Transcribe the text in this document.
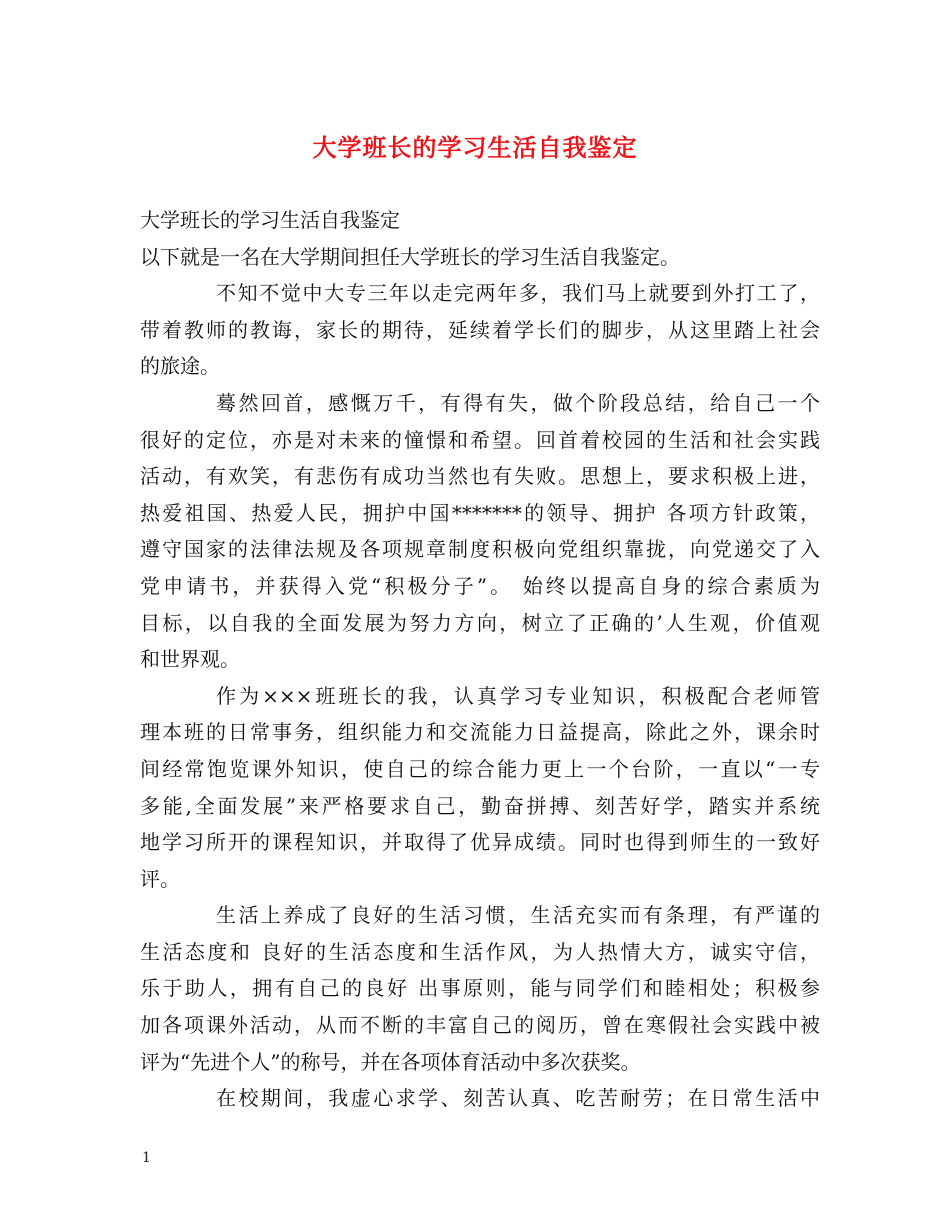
大学班长的学习生活自我鉴定
大学班长的学习生活自我鉴定
以下就是一名在大学期间担任大学班长的学习生活自我鉴定。
不知不觉中大专三年以走完两年多，我们马上就要到外打工了，
带着教师的教诲，家长的期待，延续着学长们的脚步，从这里踏上社会
的旅途。
蓦然回首，感慨万千，有得有失，做个阶段总结，给自己一个
很好的定位，亦是对未来的憧憬和希望。回首着校园的生活和社会实践
活动，有欢笑，有悲伤有成功当然也有失败。思想上，要求积极上进，
热爱祖国、热爱人民，拥护中国*******的领导、拥护 各项方针政策，
遵守国家的法律法规及各项规章制度积极向党组织靠拢，向党递交了入
党申请书，并获得入党“积极分子”。 始终以提高自身的综合素质为
目标，以自我的全面发展为努力方向，树立了正确的’人生观，价值观
和世界观。
作为×××班班长的我，认真学习专业知识，积极配合老师管
理本班的日常事务，组织能力和交流能力日益提高，除此之外，课余时
间经常饱览课外知识，使自己的综合能力更上一个台阶，一直以“一专
多能,全面发展”来严格要求自己，勤奋拼搏、刻苦好学，踏实并系统
地学习所开的课程知识，并取得了优异成绩。同时也得到师生的一致好
评。
生活上养成了良好的生活习惯，生活充实而有条理，有严谨的
生活态度和 良好的生活态度和生活作风，为人热情大方，诚实守信，
乐于助人，拥有自己的良好 出事原则，能与同学们和睦相处；积极参
加各项课外活动，从而不断的丰富自己的阅历，曾在寒假社会实践中被
评为“先进个人”的称号，并在各项体育活动中多次获奖。
在校期间，我虚心求学、刻苦认真、吃苦耐劳；在日常生活中
1
